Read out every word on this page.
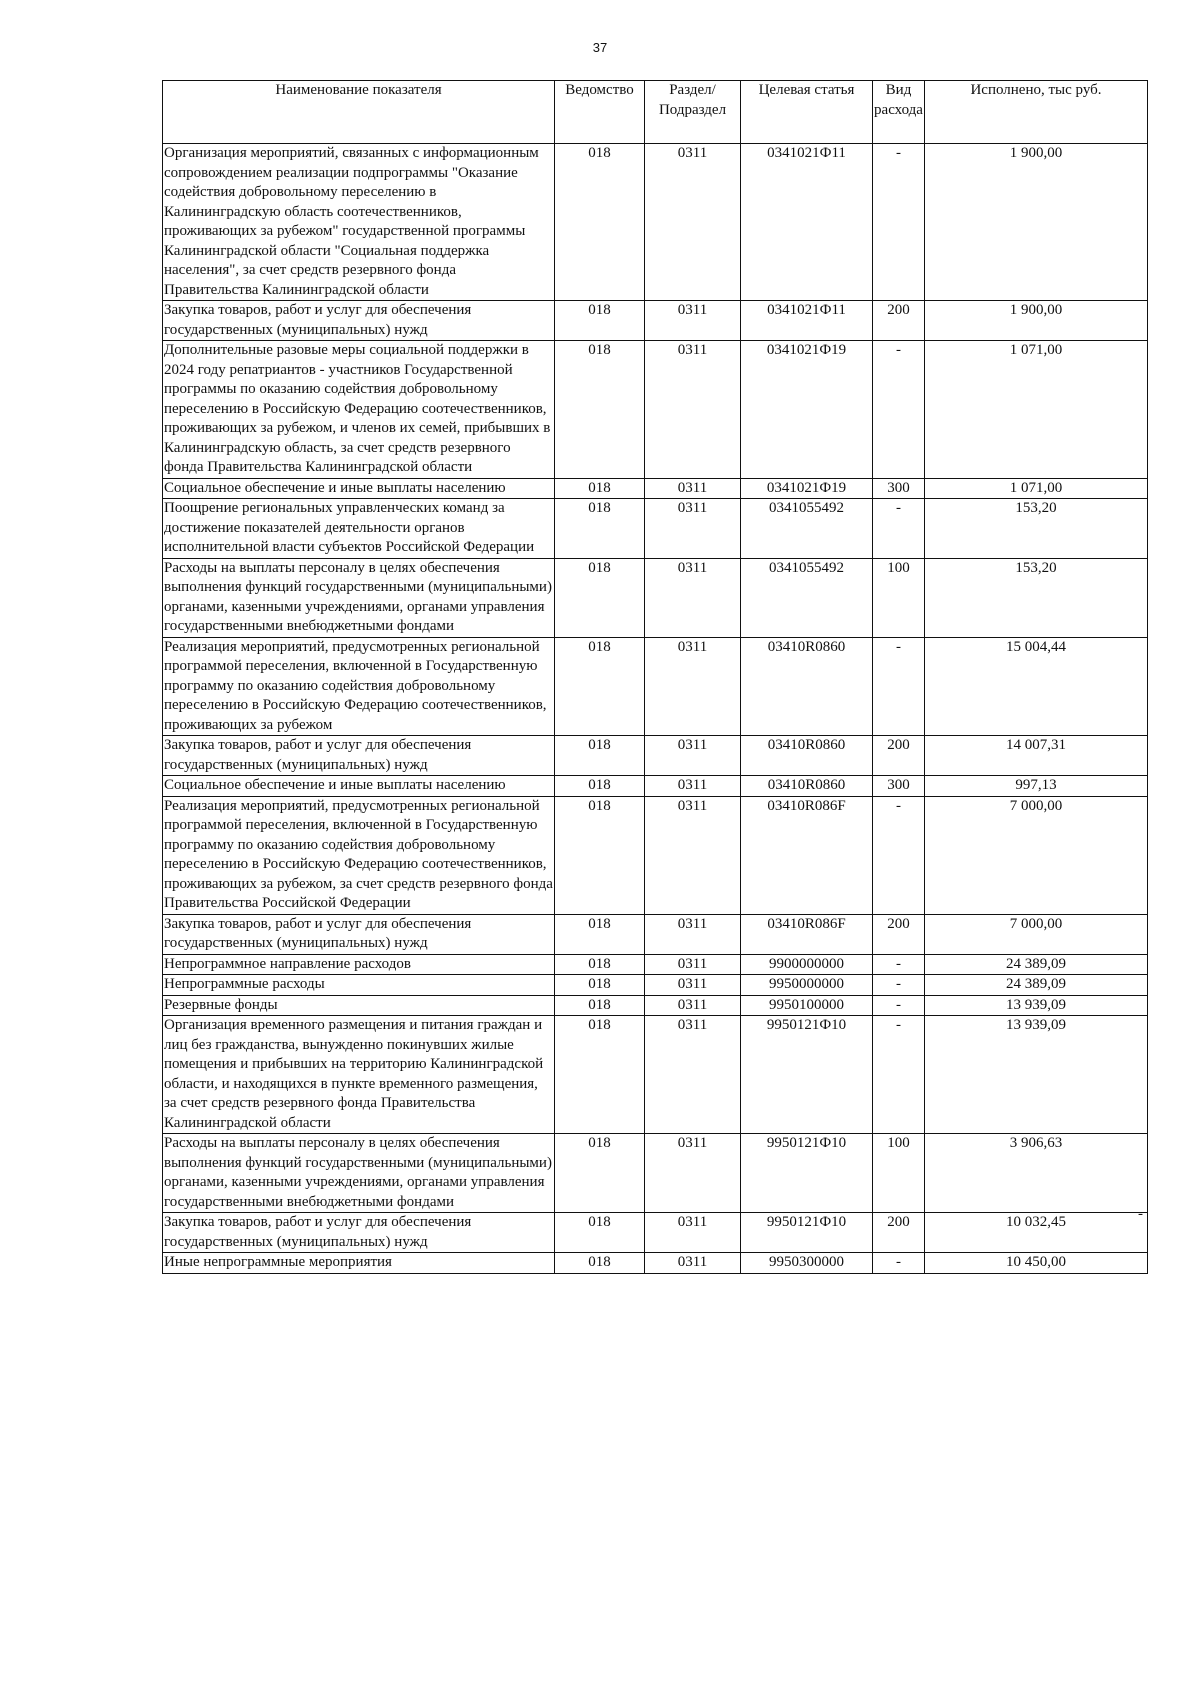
37
Наименование показателя	Ведомство	Раздел/ Подраздел	Целевая статья	Вид расхода	Исполнено, тыс руб.
Организация мероприятий, связанных с информационным сопровождением реализации подпрограммы "Оказание содействия добровольному переселению в Калининградскую область соотечественников, проживающих за рубежом" государственной программы Калининградской области "Социальная поддержка населения", за счет средств резервного фонда Правительства Калининградской области	018	0311	0341021Ф11	-	1 900,00
Закупка товаров, работ и услуг для обеспечения государственных (муниципальных) нужд	018	0311	0341021Ф11	200	1 900,00
Дополнительные разовые меры социальной поддержки в 2024 году репатриантов - участников Государственной программы по оказанию содействия добровольному переселению в Российскую Федерацию соотечественников, проживающих за рубежом, и членов их семей, прибывших в Калининградскую область, за счет средств резервного фонда Правительства Калининградской области	018	0311	0341021Ф19	-	1 071,00
Социальное обеспечение и иные выплаты населению	018	0311	0341021Ф19	300	1 071,00
Поощрение региональных управленческих команд за достижение показателей деятельности органов исполнительной власти субъектов Российской Федерации	018	0311	0341055492	-	153,20
Расходы на выплаты персоналу в целях обеспечения выполнения функций государственными (муниципальными) органами, казенными учреждениями, органами управления государственными внебюджетными фондами	018	0311	0341055492	100	153,20
Реализация мероприятий, предусмотренных региональной программой переселения, включенной в Государственную программу по оказанию содействия добровольному переселению в Российскую Федерацию соотечественников, проживающих за рубежом	018	0311	03410R0860	-	15 004,44
Закупка товаров, работ и услуг для обеспечения государственных (муниципальных) нужд	018	0311	03410R0860	200	14 007,31
Социальное обеспечение и иные выплаты населению	018	0311	03410R0860	300	997,13
Реализация мероприятий, предусмотренных региональной программой переселения, включенной в Государственную программу по оказанию содействия добровольному переселению в Российскую Федерацию соотечественников, проживающих за рубежом, за счет средств резервного фонда Правительства Российской Федерации	018	0311	03410R086F	-	7 000,00
Закупка товаров, работ и услуг для обеспечения государственных (муниципальных) нужд	018	0311	03410R086F	200	7 000,00
Непрограммное направление расходов	018	0311	9900000000	-	24 389,09
Непрограммные расходы	018	0311	9950000000	-	24 389,09
Резервные фонды	018	0311	9950100000	-	13 939,09
Организация временного размещения и питания граждан и лиц без гражданства, вынужденно покинувших жилые помещения и прибывших на территорию Калининградской области, и находящихся в пункте временного размещения, за счет средств резервного фонда Правительства Калининградской области	018	0311	9950121Ф10	-	13 939,09
Расходы на выплаты персоналу в целях обеспечения выполнения функций государственными (муниципальными) органами, казенными учреждениями, органами управления государственными внебюджетными фондами	018	0311	9950121Ф10	100	3 906,63
Закупка товаров, работ и услуг для обеспечения государственных (муниципальных) нужд	018	0311	9950121Ф10	200	10 032,45
Иные непрограммные мероприятия	018	0311	9950300000	-	10 450,00
-
